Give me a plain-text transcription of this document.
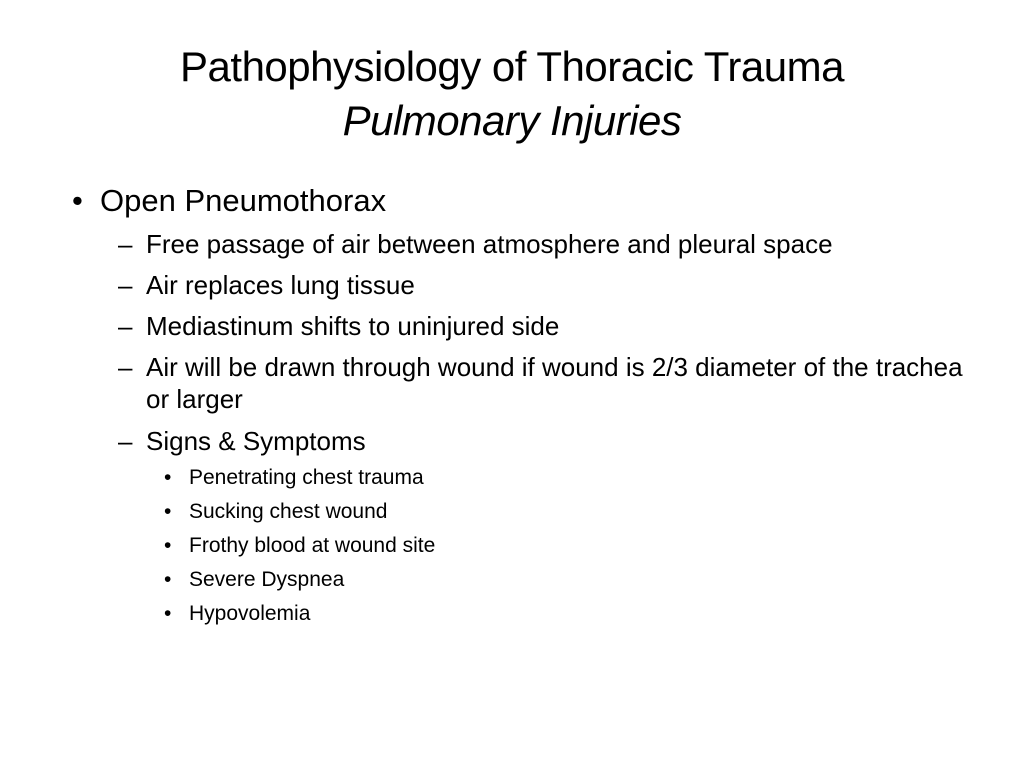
Pathophysiology of Thoracic Trauma
Pulmonary Injuries
• Open Pneumothorax
– Free passage of air between atmosphere and pleural space
– Air replaces lung tissue
– Mediastinum shifts to uninjured side
– Air will be drawn through wound if wound is 2/3 diameter of the trachea or larger
– Signs & Symptoms
• Penetrating chest trauma
• Sucking chest wound
• Frothy blood at wound site
• Severe Dyspnea
• Hypovolemia
